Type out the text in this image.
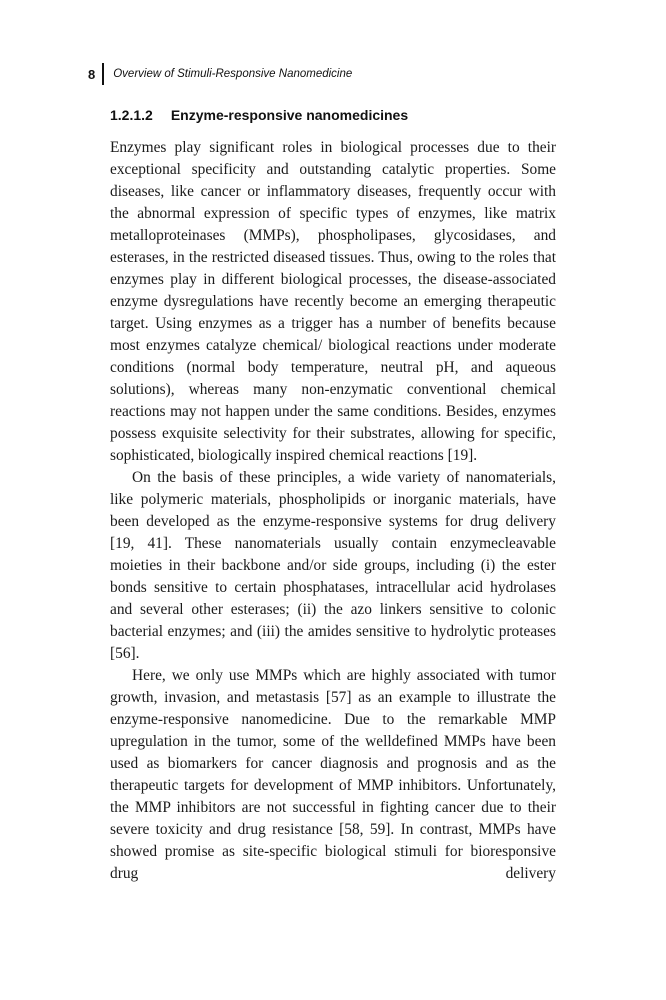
8 Overview of Stimuli-Responsive Nanomedicine
1.2.1.2 Enzyme-responsive nanomedicines

Enzymes play significant roles in biological processes due to their exceptional specificity and outstanding catalytic properties. Some diseases, like cancer or inflammatory diseases, frequently occur with the abnormal expression of specific types of enzymes, like matrix metalloproteinases (MMPs), phospholipases, glycosidases, and esterases, in the restricted diseased tissues. Thus, owing to the roles that enzymes play in different biological processes, the disease-associated enzyme dysregulations have recently become an emerging therapeutic target. Using enzymes as a trigger has a number of benefits because most enzymes catalyze chemical/ biological reactions under moderate conditions (normal body temperature, neutral pH, and aqueous solutions), whereas many non-enzymatic conventional chemical reactions may not happen under the same conditions. Besides, enzymes possess exquisite selectivity for their substrates, allowing for specific, sophisticated, biologically inspired chemical reactions [19].

On the basis of these principles, a wide variety of nanomaterials, like polymeric materials, phospholipids or inorganic materials, have been developed as the enzyme-responsive systems for drug delivery [19, 41]. These nanomaterials usually contain enzymecleavable moieties in their backbone and/or side groups, including (i) the ester bonds sensitive to certain phosphatases, intracellular acid hydrolases and several other esterases; (ii) the azo linkers sensitive to colonic bacterial enzymes; and (iii) the amides sensitive to hydrolytic proteases [56].

Here, we only use MMPs which are highly associated with tumor growth, invasion, and metastasis [57] as an example to illustrate the enzyme-responsive nanomedicine. Due to the remarkable MMP upregulation in the tumor, some of the welldefined MMPs have been used as biomarkers for cancer diagnosis and prognosis and as the therapeutic targets for development of MMP inhibitors. Unfortunately, the MMP inhibitors are not successful in fighting cancer due to their severe toxicity and drug resistance [58, 59]. In contrast, MMPs have showed promise as site-specific biological stimuli for bioresponsive drug delivery
